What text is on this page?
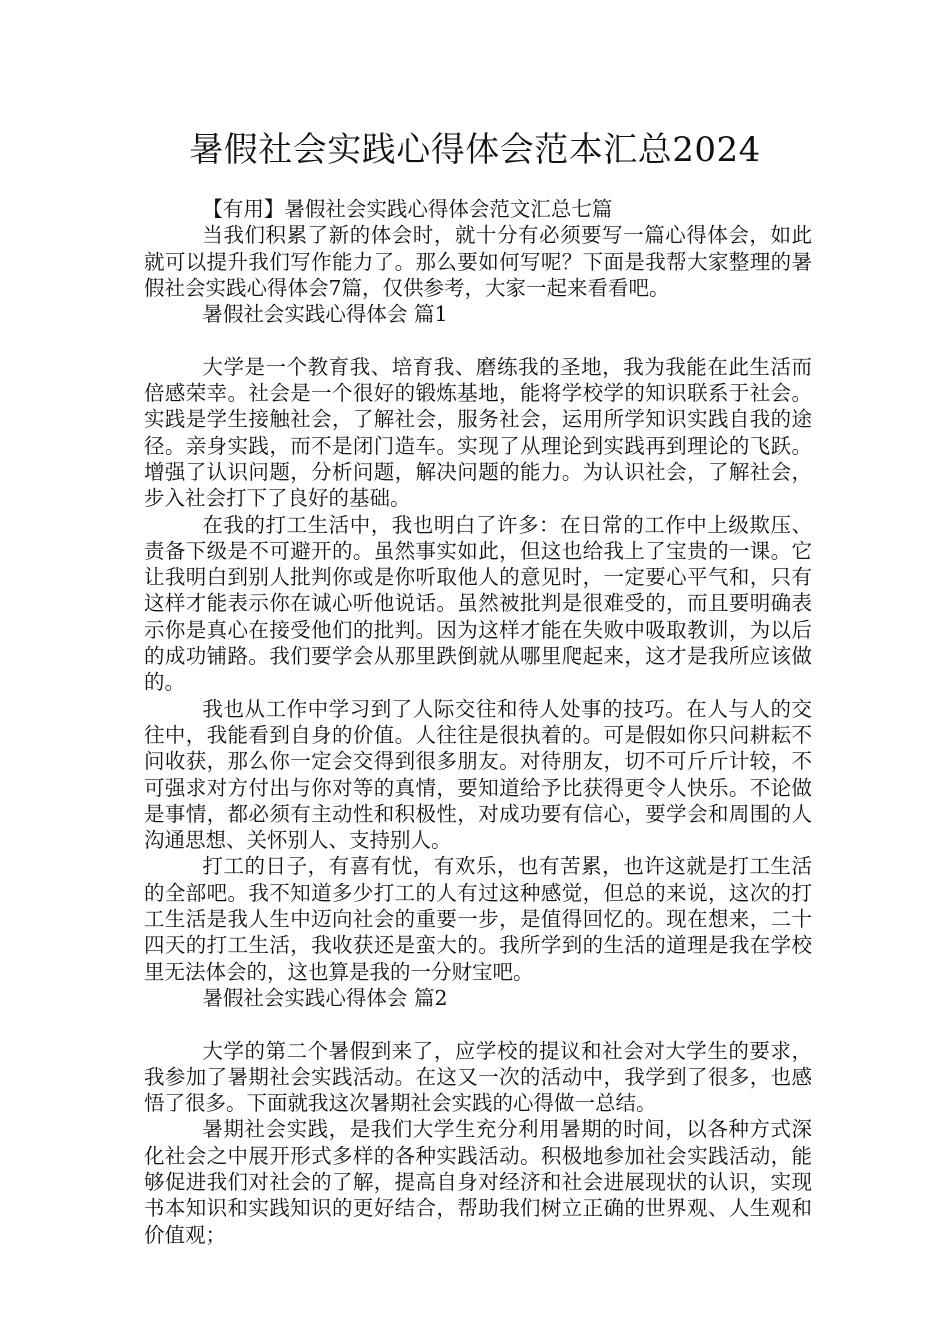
暑假社会实践心得体会范本汇总2024

【有用】暑假社会实践心得体会范文汇总七篇

当我们积累了新的体会时，就十分有必须要写一篇心得体会，如此就可以提升我们写作能力了。那么要如何写呢？下面是我帮大家整理的暑假社会实践心得体会7篇，仅供参考，大家一起来看看吧。

暑假社会实践心得体会 篇1

大学是一个教育我、培育我、磨练我的圣地，我为我能在此生活而倍感荣幸。社会是一个很好的锻炼基地，能将学校学的知识联系于社会。实践是学生接触社会，了解社会，服务社会，运用所学知识实践自我的途径。亲身实践，而不是闭门造车。实现了从理论到实践再到理论的飞跃。增强了认识问题，分析问题，解决问题的能力。为认识社会，了解社会，步入社会打下了良好的基础。

在我的打工生活中，我也明白了许多：在日常的工作中上级欺压、责备下级是不可避开的。虽然事实如此，但这也给我上了宝贵的一课。它让我明白到别人批判你或是你听取他人的意见时，一定要心平气和，只有这样才能表示你在诚心听他说话。虽然被批判是很难受的，而且要明确表示你是真心在接受他们的批判。因为这样才能在失败中吸取教训，为以后的成功铺路。我们要学会从那里跌倒就从哪里爬起来，这才是我所应该做的。

我也从工作中学习到了人际交往和待人处事的技巧。在人与人的交往中，我能看到自身的价值。人往往是很执着的。可是假如你只问耕耘不问收获，那么你一定会交得到很多朋友。对待朋友，切不可斤斤计较，不可强求对方付出与你对等的真情，要知道给予比获得更令人快乐。不论做是事情，都必须有主动性和积极性，对成功要有信心，要学会和周围的人沟通思想、关怀别人、支持别人。

打工的日子，有喜有忧，有欢乐，也有苦累，也许这就是打工生活的全部吧。我不知道多少打工的人有过这种感觉，但总的来说，这次的打工生活是我人生中迈向社会的重要一步，是值得回忆的。现在想来，二十四天的打工生活，我收获还是蛮大的。我所学到的生活的道理是我在学校里无法体会的，这也算是我的一分财宝吧。

暑假社会实践心得体会 篇2

大学的第二个暑假到来了，应学校的提议和社会对大学生的要求，我参加了暑期社会实践活动。在这又一次的活动中，我学到了很多，也感悟了很多。下面就我这次暑期社会实践的心得做一总结。

暑期社会实践，是我们大学生充分利用暑期的时间，以各种方式深化社会之中展开形式多样的各种实践活动。积极地参加社会实践活动，能够促进我们对社会的了解，提高自身对经济和社会进展现状的认识，实现书本知识和实践知识的更好结合，帮助我们树立正确的世界观、人生观和价值观；
